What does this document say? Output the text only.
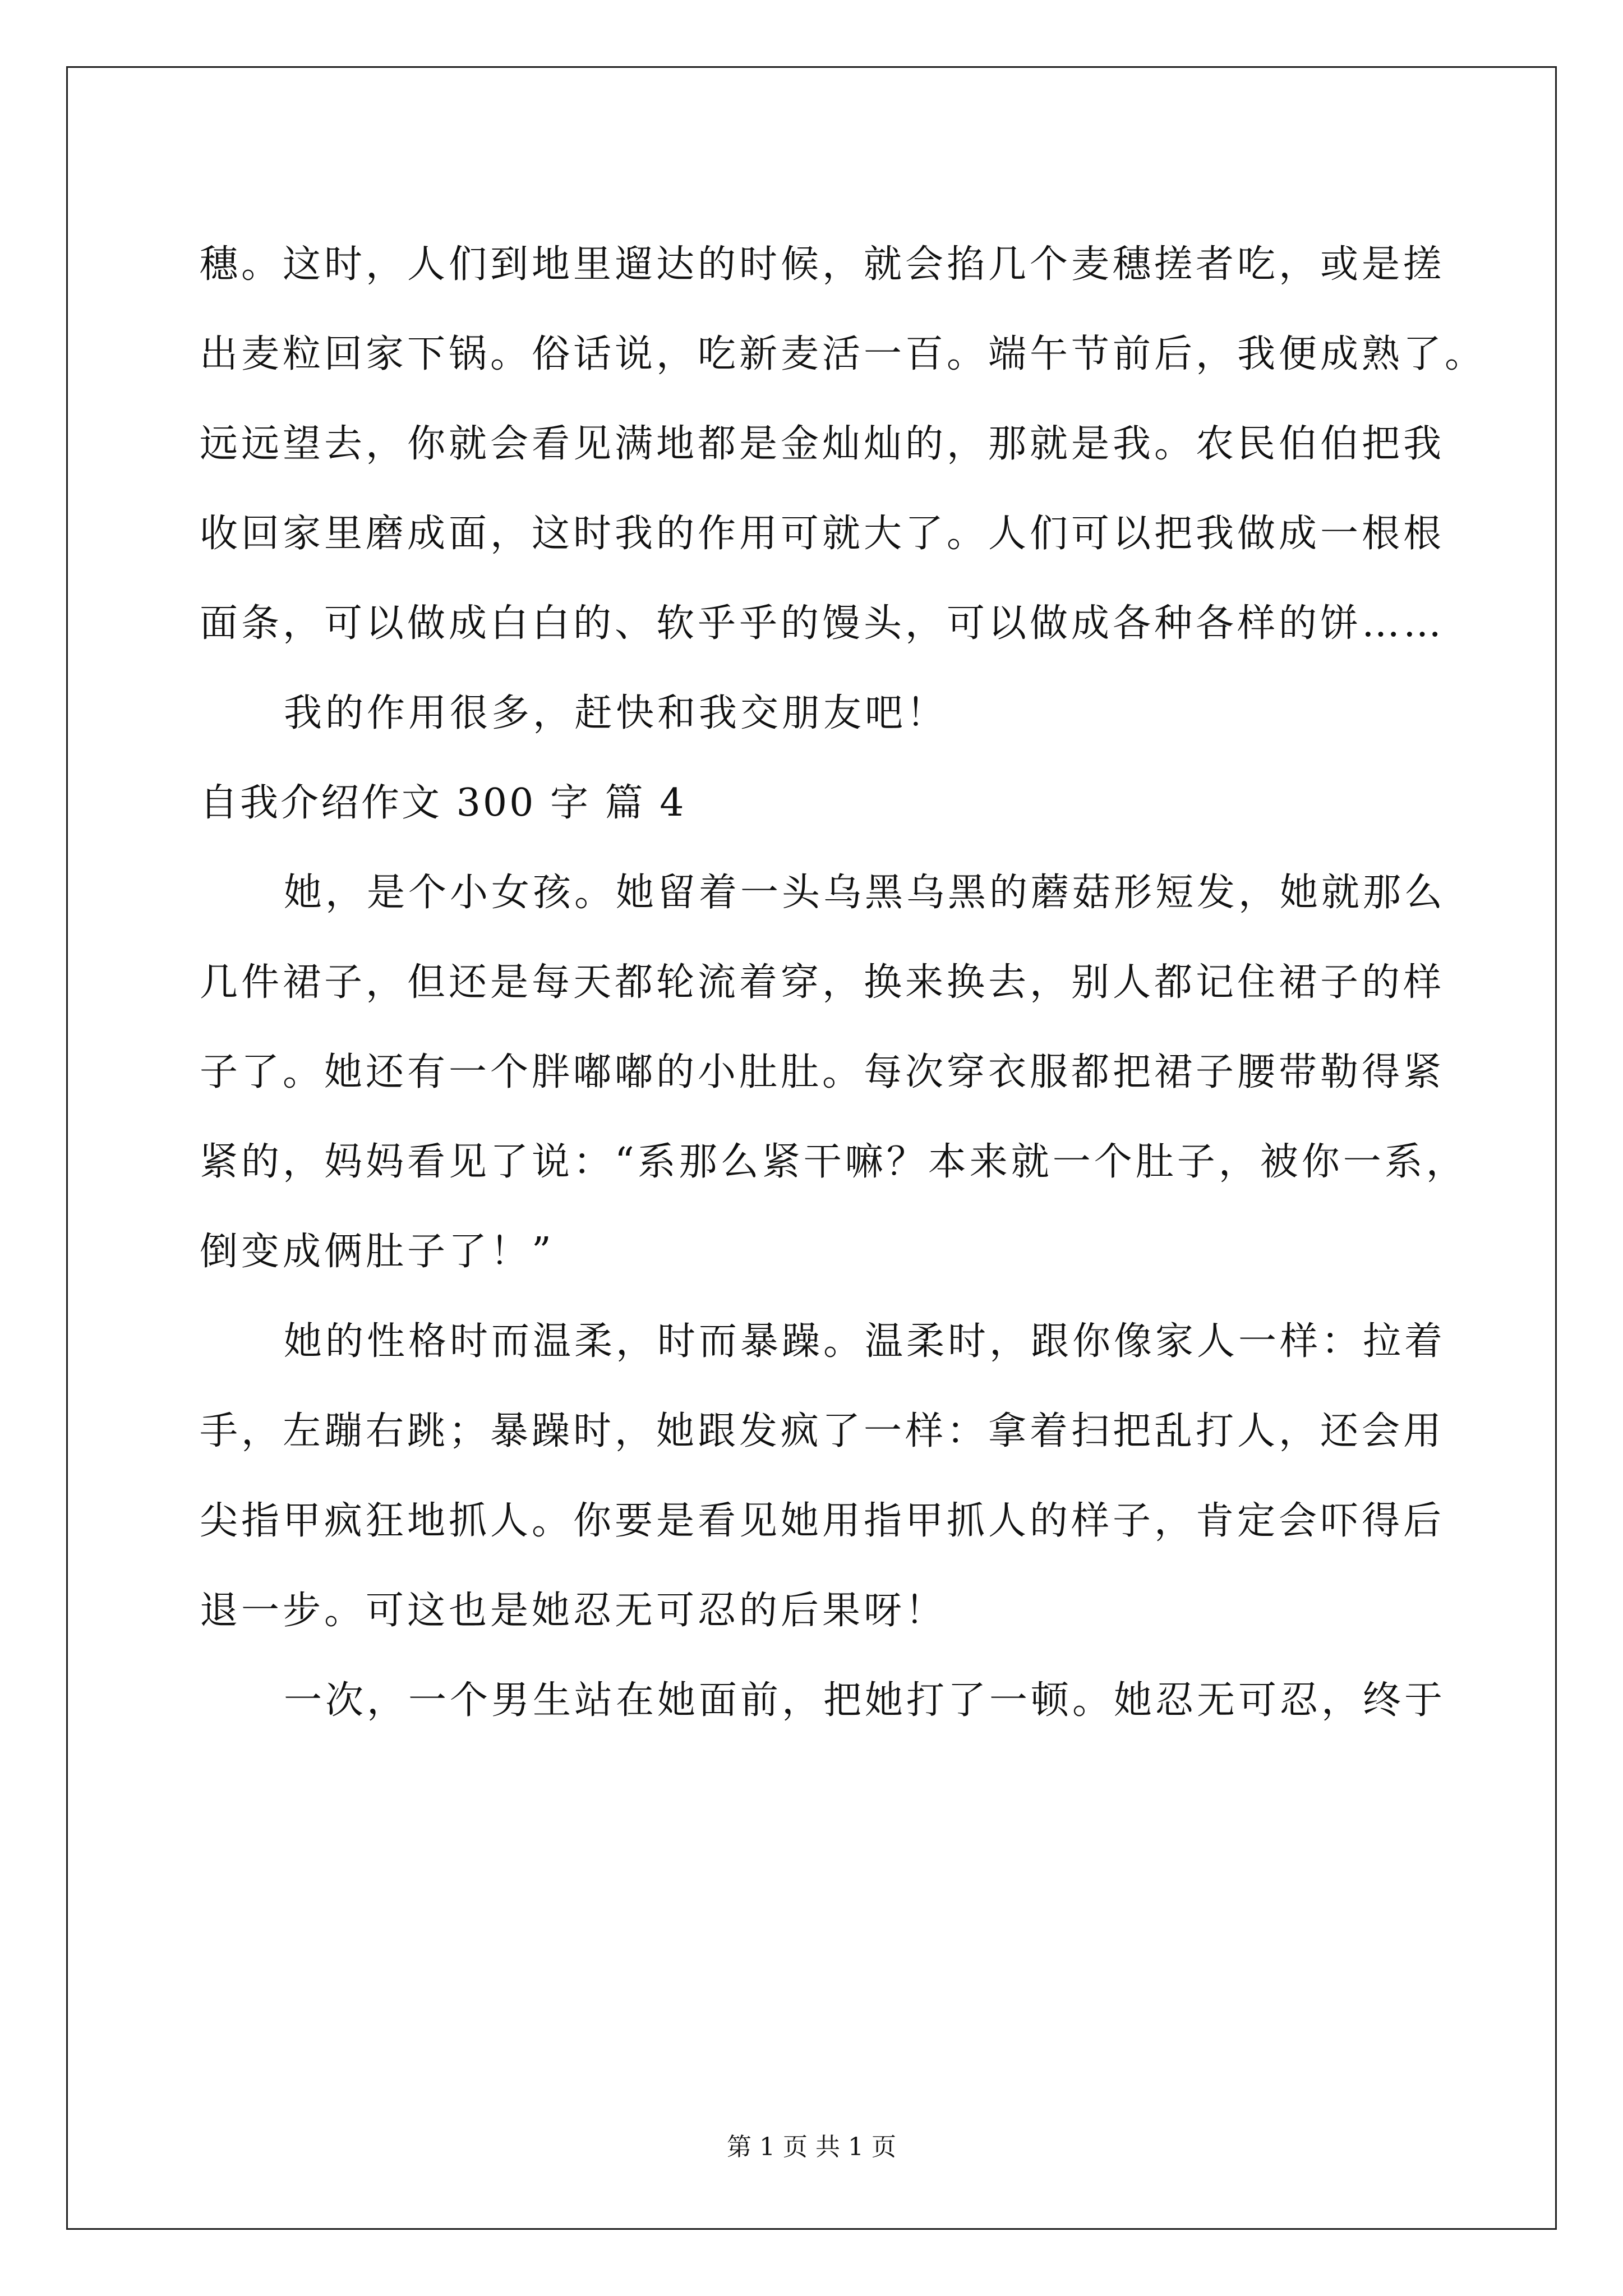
穗。这时，人们到地里遛达的时候，就会掐几个麦穗搓者吃，或是搓
出麦粒回家下锅。俗话说，吃新麦活一百。端午节前后，我便成熟了。
远远望去，你就会看见满地都是金灿灿的，那就是我。农民伯伯把我
收回家里磨成面，这时我的作用可就大了。人们可以把我做成一根根
面条，可以做成白白的、软乎乎的馒头，可以做成各种各样的饼……
我的作用很多，赶快和我交朋友吧！
自我介绍作文 300 字 篇 4
她，是个小女孩。她留着一头乌黑乌黑的蘑菇形短发，她就那么
几件裙子，但还是每天都轮流着穿，换来换去，别人都记住裙子的样
子了。她还有一个胖嘟嘟的小肚肚。每次穿衣服都把裙子腰带勒得紧
紧的，妈妈看见了说：“系那么紧干嘛？本来就一个肚子，被你一系，
倒变成俩肚子了！”
她的性格时而温柔，时而暴躁。温柔时，跟你像家人一样：拉着
手，左蹦右跳；暴躁时，她跟发疯了一样：拿着扫把乱打人，还会用
尖指甲疯狂地抓人。你要是看见她用指甲抓人的样子，肯定会吓得后
退一步。可这也是她忍无可忍的后果呀！
一次，一个男生站在她面前，把她打了一顿。她忍无可忍，终于
第 1 页 共 1 页
